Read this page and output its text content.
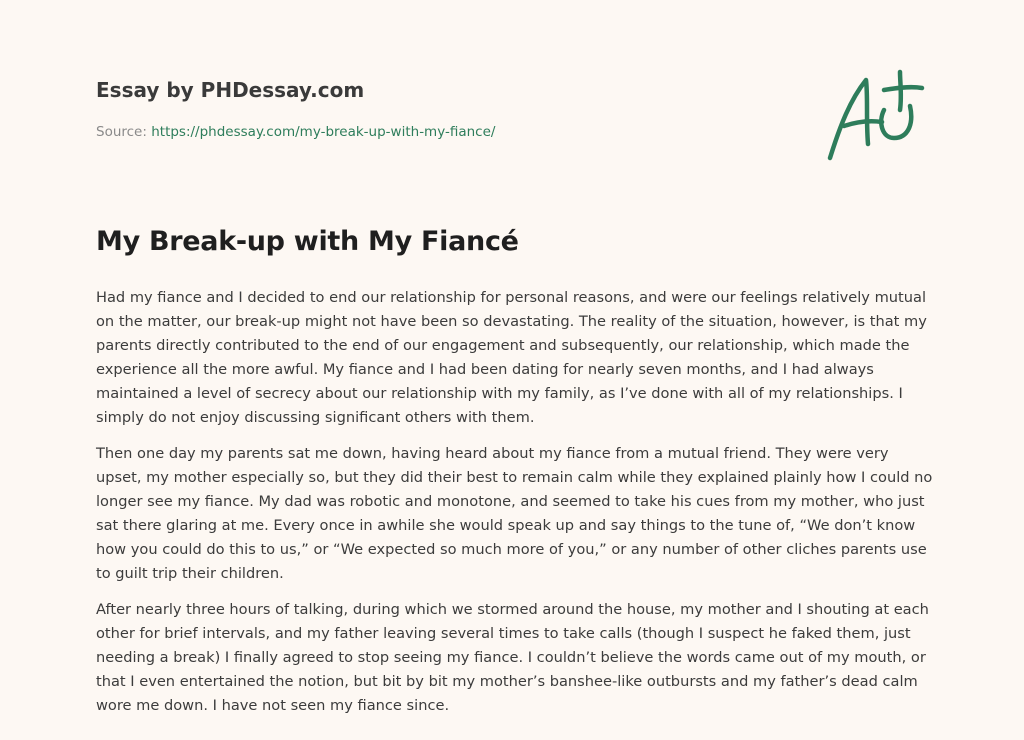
Essay by PHDessay.com
Source: https://phdessay.com/my-break-up-with-my-fiance/
My Break-up with My Fiancé

Had my fiance and I decided to end our relationship for personal reasons, and were our feelings relatively mutual on the matter, our break-up might not have been so devastating. The reality of the situation, however, is that my parents directly contributed to the end of our engagement and subsequently, our relationship, which made the experience all the more awful. My fiance and I had been dating for nearly seven months, and I had always maintained a level of secrecy about our relationship with my family, as I’ve done with all of my relationships. I simply do not enjoy discussing significant others with them.

Then one day my parents sat me down, having heard about my fiance from a mutual friend. They were very upset, my mother especially so, but they did their best to remain calm while they explained plainly how I could no longer see my fiance. My dad was robotic and monotone, and seemed to take his cues from my mother, who just sat there glaring at me. Every once in awhile she would speak up and say things to the tune of, “We don’t know how you could do this to us,” or “We expected so much more of you,” or any number of other cliches parents use to guilt trip their children.

After nearly three hours of talking, during which we stormed around the house, my mother and I shouting at each other for brief intervals, and my father leaving several times to take calls (though I suspect he faked them, just needing a break) I finally agreed to stop seeing my fiance. I couldn’t believe the words came out of my mouth, or that I even entertained the notion, but bit by bit my mother’s banshee-like outbursts and my father’s dead calm wore me down. I have not seen my fiance since.
